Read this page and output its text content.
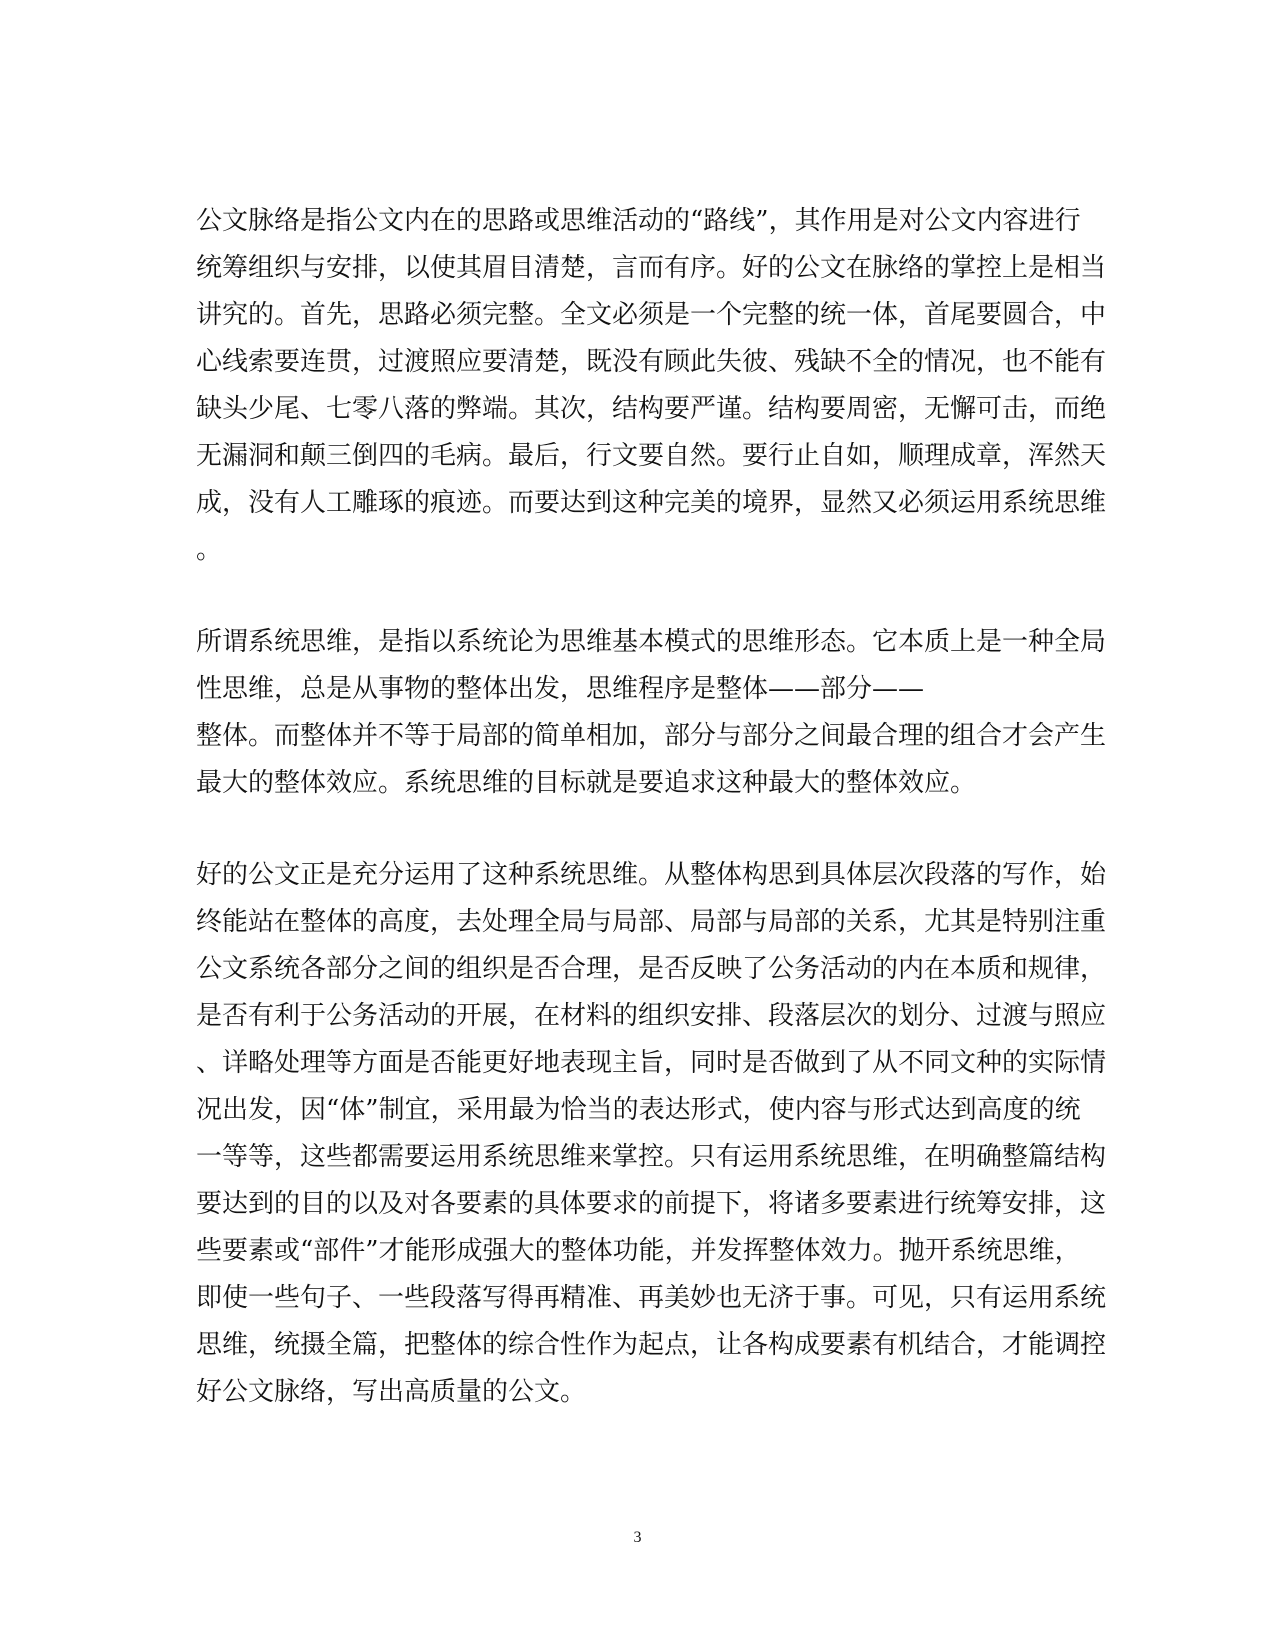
公文脉络是指公文内在的思路或思维活动的“路线”，其作用是对公文内容进行
统筹组织与安排，以使其眉目清楚，言而有序。好的公文在脉络的掌控上是相当
讲究的。首先，思路必须完整。全文必须是一个完整的统一体，首尾要圆合，中
心线索要连贯，过渡照应要清楚，既没有顾此失彼、残缺不全的情况，也不能有
缺头少尾、七零八落的弊端。其次，结构要严谨。结构要周密，无懈可击，而绝
无漏洞和颠三倒四的毛病。最后，行文要自然。要行止自如，顺理成章，浑然天
成，没有人工雕琢的痕迹。而要达到这种完美的境界，显然又必须运用系统思维
。
所谓系统思维，是指以系统论为思维基本模式的思维形态。它本质上是一种全局
性思维，总是从事物的整体出发，思维程序是整体——部分——
整体。而整体并不等于局部的简单相加，部分与部分之间最合理的组合才会产生
最大的整体效应。系统思维的目标就是要追求这种最大的整体效应。
好的公文正是充分运用了这种系统思维。从整体构思到具体层次段落的写作，始
终能站在整体的高度，去处理全局与局部、局部与局部的关系，尤其是特别注重
公文系统各部分之间的组织是否合理，是否反映了公务活动的内在本质和规律，
是否有利于公务活动的开展，在材料的组织安排、段落层次的划分、过渡与照应
、详略处理等方面是否能更好地表现主旨，同时是否做到了从不同文种的实际情
况出发，因“体”制宜，采用最为恰当的表达形式，使内容与形式达到高度的统
一等等，这些都需要运用系统思维来掌控。只有运用系统思维，在明确整篇结构
要达到的目的以及对各要素的具体要求的前提下，将诸多要素进行统筹安排，这
些要素或“部件”才能形成强大的整体功能，并发挥整体效力。抛开系统思维，
即使一些句子、一些段落写得再精准、再美妙也无济于事。可见，只有运用系统
思维，统摄全篇，把整体的综合性作为起点，让各构成要素有机结合，才能调控
好公文脉络，写出高质量的公文。
3
